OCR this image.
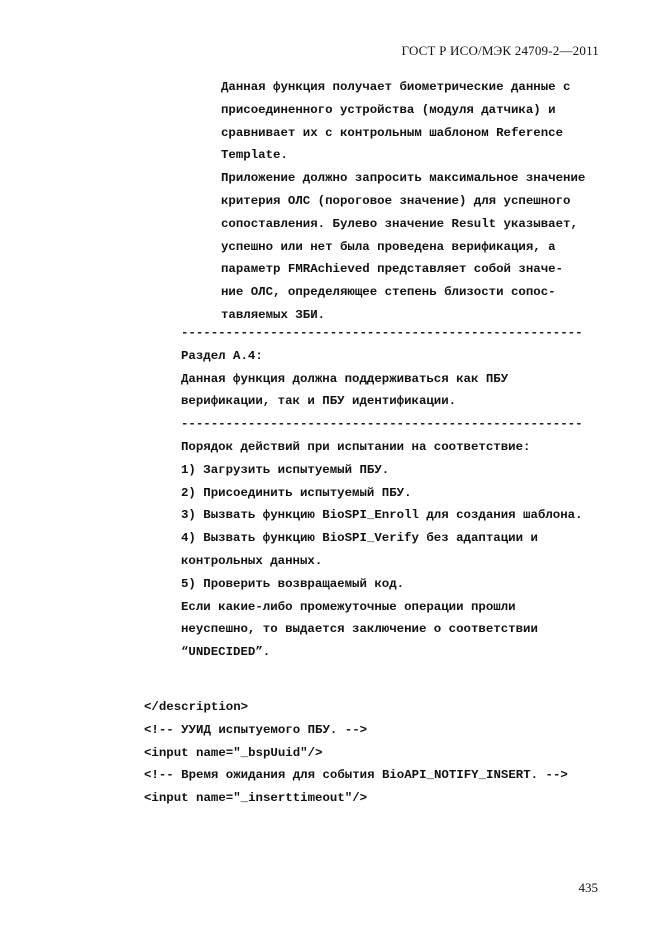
ГОСТ Р ИСО/МЭК 24709-2—2011
Данная функция получает биометрические данные с
присоединенного устройства (модуля датчика) и
сравнивает их с контрольным шаблоном Reference
Template.
Приложение должно запросить максимальное значение
критерия ОЛС (пороговое значение) для успешного
сопоставления. Булево значение Result указывает,
успешно или нет была проведена верификация, а
параметр FMRAchieved представляет собой значе-
ние ОЛС, определяющее степень близости сопос-
тавляемых ЗБИ.
------------------------------------------------------
Раздел A.4:
Данная функция должна поддерживаться как ПБУ
верификации, так и ПБУ идентификации.
------------------------------------------------------
Порядок действий при испытании на соответствие:
1) Загрузить испытуемый ПБУ.
2) Присоединить испытуемый ПБУ.
3) Вызвать функцию BioSPI_Enroll для создания шаблона.
4) Вызвать функцию BioSPI_Verify без адаптации и
контрольных данных.
5) Проверить возвращаемый код.
Если какие-либо промежуточные операции прошли
неуспешно, то выдается заключение о соответствии
“UNDECIDED”.
</description>
<!-- УУИД испытуемого ПБУ. -->
<input name="_bspUuid"/>
<!-- Время ожидания для события BioAPI_NOTIFY_INSERT. -->
<input name="_inserttimeout"/>
435
